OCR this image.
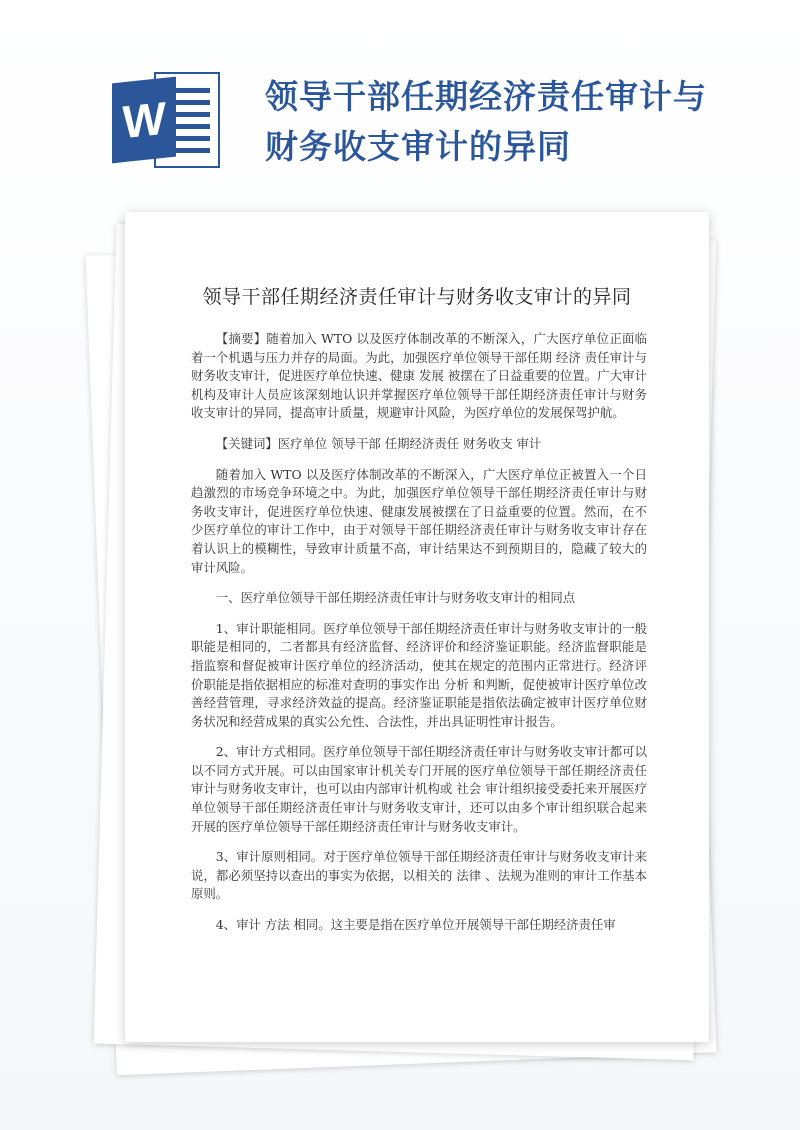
W	领导干部任期经济责任审计与财务收支审计的异同
领导干部任期经济责任审计与财务收支审计的异同

【摘要】随着加入 WTO 以及医疗体制改革的不断深入，广大医疗单位正面临着一个机遇与压力并存的局面。为此，加强医疗单位领导干部任期 经济 责任审计与财务收支审计，促进医疗单位快速、健康 发展 被摆在了日益重要的位置。广大审计机构及审计人员应该深刻地认识并掌握医疗单位领导干部任期经济责任审计与财务收支审计的异同，提高审计质量，规避审计风险，为医疗单位的发展保驾护航。

【关键词】医疗单位 领导干部 任期经济责任 财务收支 审计

随着加入 WTO 以及医疗体制改革的不断深入，广大医疗单位正被置入一个日趋激烈的市场竞争环境之中。为此，加强医疗单位领导干部任期经济责任审计与财务收支审计，促进医疗单位快速、健康发展被摆在了日益重要的位置。然而，在不少医疗单位的审计工作中，由于对领导干部任期经济责任审计与财务收支审计存在着认识上的模糊性，导致审计质量不高，审计结果达不到预期目的，隐藏了较大的审计风险。

一、医疗单位领导干部任期经济责任审计与财务收支审计的相同点

1、审计职能相同。医疗单位领导干部任期经济责任审计与财务收支审计的一般职能是相同的，二者都具有经济监督、经济评价和经济鉴证职能。经济监督职能是指监察和督促被审计医疗单位的经济活动，使其在规定的范围内正常进行。经济评价职能是指依据相应的标准对查明的事实作出 分析 和判断，促使被审计医疗单位改善经营管理，寻求经济效益的提高。经济鉴证职能是指依法确定被审计医疗单位财务状况和经营成果的真实公允性、合法性，并出具证明性审计报告。

2、审计方式相同。医疗单位领导干部任期经济责任审计与财务收支审计都可以以不同方式开展。可以由国家审计机关专门开展的医疗单位领导干部任期经济责任审计与财务收支审计，也可以由内部审计机构或 社会 审计组织接受委托来开展医疗单位领导干部任期经济责任审计与财务收支审计，还可以由多个审计组织联合起来开展的医疗单位领导干部任期经济责任审计与财务收支审计。

3、审计原则相同。对于医疗单位领导干部任期经济责任审计与财务收支审计来说，都必须坚持以查出的事实为依据，以相关的 法律 、法规为准则的审计工作基本原则。

4、审计 方法 相同。这主要是指在医疗单位开展领导干部任期经济责任审
